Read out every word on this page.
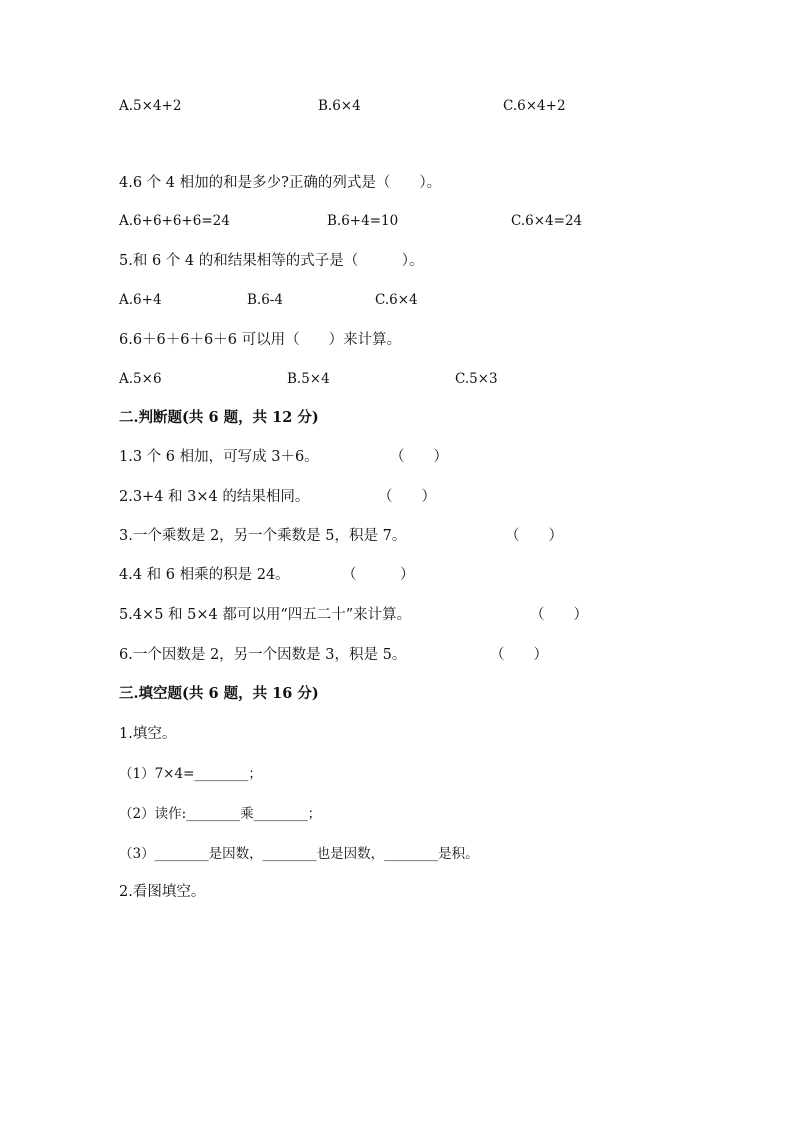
A.5×4+2	B.6×4	C.6×4+2
4.6 个 4 相加的和是多少?正确的列式是（　　）。
A.6+6+6+6=24	B.6+4=10	C.6×4=24
5.和 6 个 4 的和结果相等的式子是（　　　）。
A.6+4	B.6-4	C.6×4
6.6＋6＋6＋6＋6 可以用（　　）来计算。
A.5×6	B.5×4	C.5×3
二.判断题(共 6 题，共 12 分)
1.3 个 6 相加，可写成 3＋6。	（　　）
2.3+4 和 3×4 的结果相同。	（　　）
3.一个乘数是 2，另一个乘数是 5，积是 7。	（　　）
4.4 和 6 相乘的积是 24。	（　　　）
5.4×5 和 5×4 都可以用“四五二十”来计算。	（　　）
6.一个因数是 2，另一个因数是 3，积是 5。	（　　）
三.填空题(共 6 题，共 16 分)
1.填空。
（1）7×4=________；
（2）读作:________乘________；
（3）________是因数，________也是因数，________是积。
2.看图填空。
